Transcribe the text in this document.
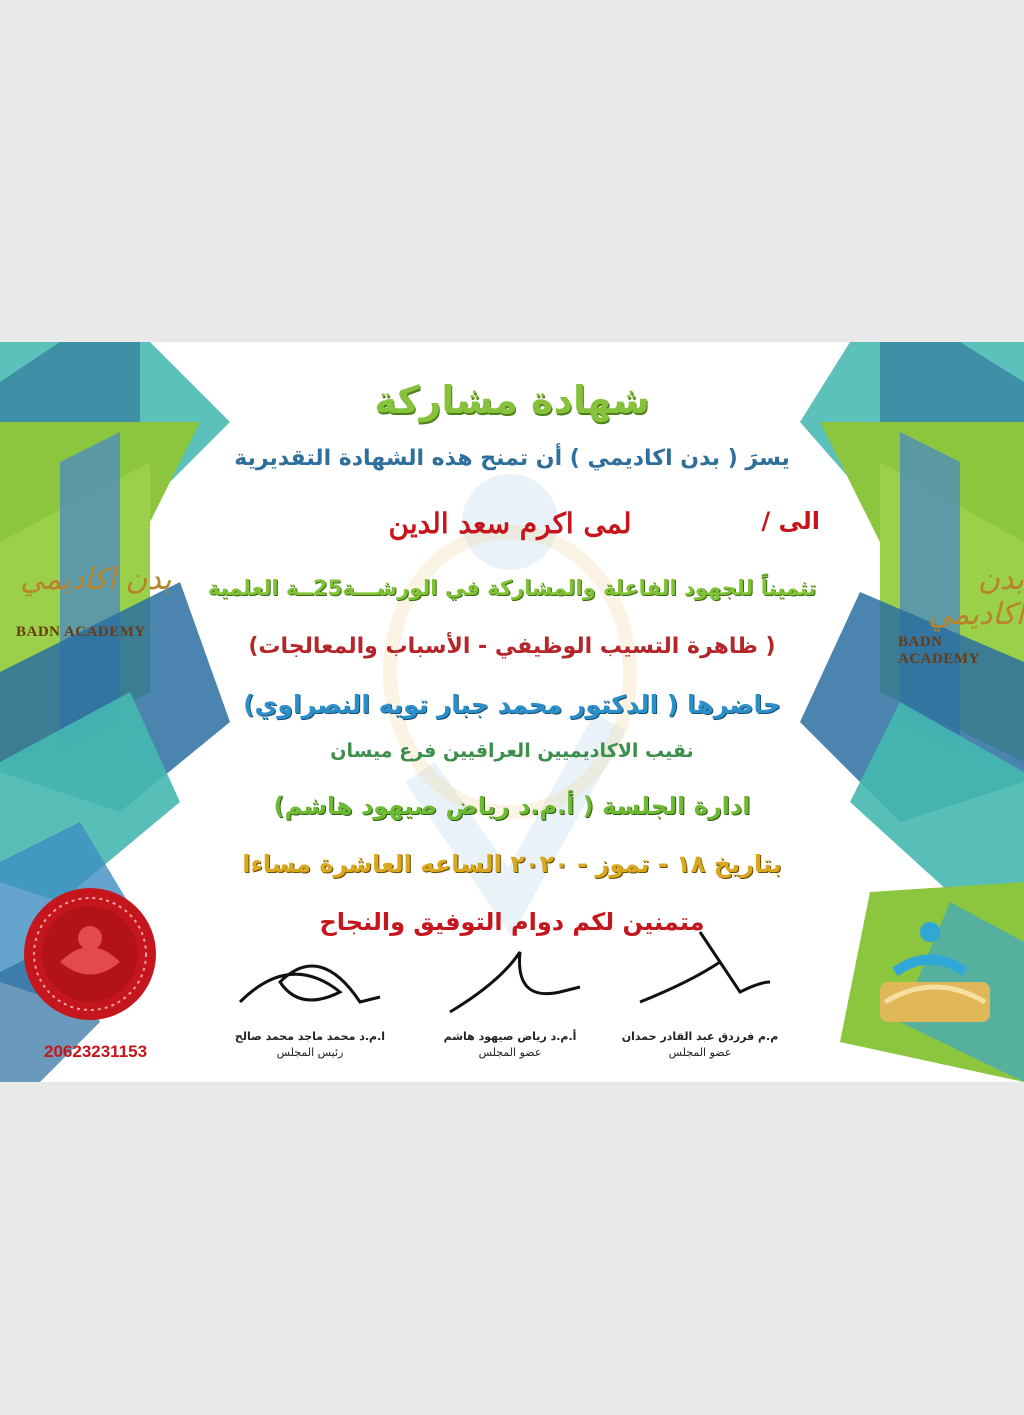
بدن اكاديمي
BADN ACADEMY
بدن اكاديمي
BADN ACADEMY
شهادة مشاركة
يسرَ ( بدن اكاديمي ) أن تمنح هذه الشهادة التقديرية
الى /
لمى اكرم سعد الدين
تثميناً للجهود الفاعلة والمشاركة في الورشـــة25ــة العلمية
( ظاهرة التسيب الوظيفي - الأسباب والمعالجات)
حاضرها ( الدكتور محمد جبار تويه النصراوي)
نقيب الاكاديميين العراقيين فرع ميسان
ادارة الجلسة ( أ.م.د رياض صيهود هاشم)
بتاريخ ١٨ - تموز - ٢٠٢٠ الساعه العاشرة مساءا
متمنين لكم دوام التوفيق والنجاح
20623231153
م.م فرزدق عبد القادر حمدان
عضو المجلس
أ.م.د رياض صيهود هاشم
عضو المجلس
ا.م.د محمد ماجد محمد صالح
رئيس المجلس
